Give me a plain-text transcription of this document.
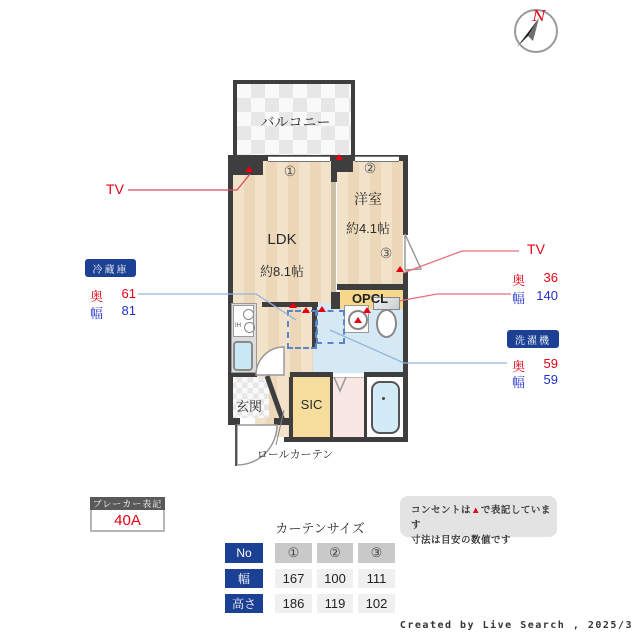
IH
N
バルコニー
①	②
③
LDK
約8.1帖
洋室
約4.1帖
OPCL
玄関	SIC
ロールカーテン
TV
冷蔵庫
奥 61
幅 81
TV
奥 36
幅 140
洗濯機
奥 59
幅 59
ブレーカー表記
40A
コンセントは▲で表記しています
寸法は目安の数値です
カーテンサイズ
No	①	②	③
幅	167	100	111
高さ	186	119	102
Created by Live Search , 2025/3
